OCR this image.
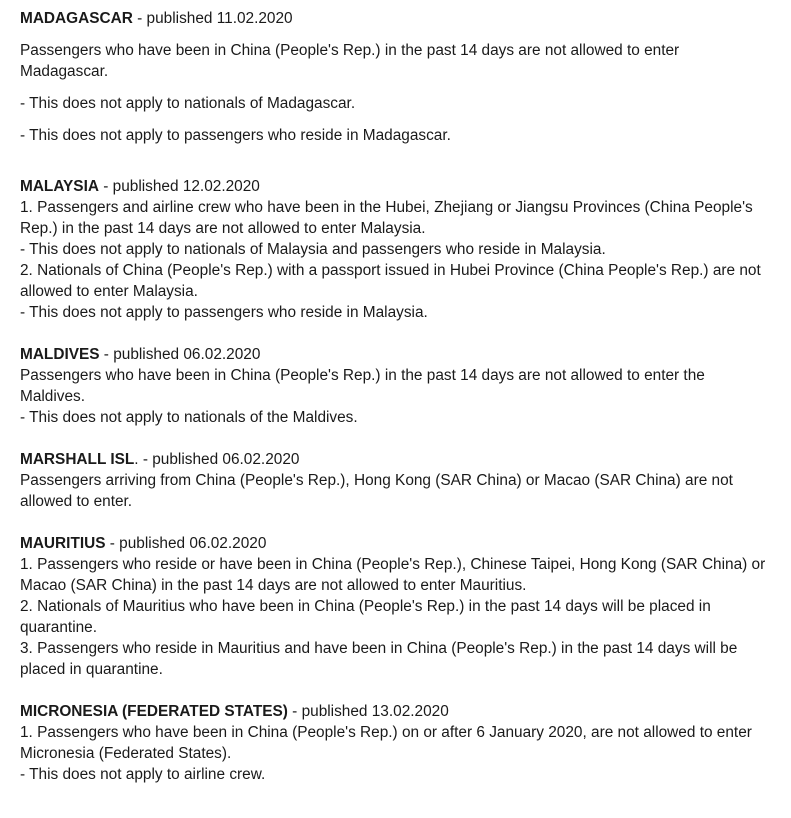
MADAGASCAR - published 11.02.2020

Passengers who have been in China (People's Rep.) in the past 14 days are not allowed to enter Madagascar.

- This does not apply to nationals of Madagascar.

- This does not apply to passengers who reside in Madagascar.

MALAYSIA - published 12.02.2020

1. Passengers and airline crew who have been in the Hubei, Zhejiang or Jiangsu Provinces (China People's Rep.) in the past 14 days are not allowed to enter Malaysia.

- This does not apply to nationals of Malaysia and passengers who reside in Malaysia.

2. Nationals of China (People's Rep.) with a passport issued in Hubei Province (China People's Rep.) are not allowed to enter Malaysia.

- This does not apply to passengers who reside in Malaysia.

MALDIVES - published 06.02.2020

Passengers who have been in China (People's Rep.) in the past 14 days are not allowed to enter the Maldives.

- This does not apply to nationals of the Maldives.

MARSHALL ISL. - published 06.02.2020

Passengers arriving from China (People's Rep.), Hong Kong (SAR China) or Macao (SAR China) are not allowed to enter.

MAURITIUS - published 06.02.2020

1. Passengers who reside or have been in China (People's Rep.), Chinese Taipei, Hong Kong (SAR China) or Macao (SAR China) in the past 14 days are not allowed to enter Mauritius.

2. Nationals of Mauritius who have been in China (People's Rep.) in the past 14 days will be placed in quarantine.

3. Passengers who reside in Mauritius and have been in China (People's Rep.) in the past 14 days will be placed in quarantine.

MICRONESIA (FEDERATED STATES) - published 13.02.2020

1. Passengers who have been in China (People's Rep.) on or after 6 January 2020, are not allowed to enter Micronesia (Federated States).

- This does not apply to airline crew.
